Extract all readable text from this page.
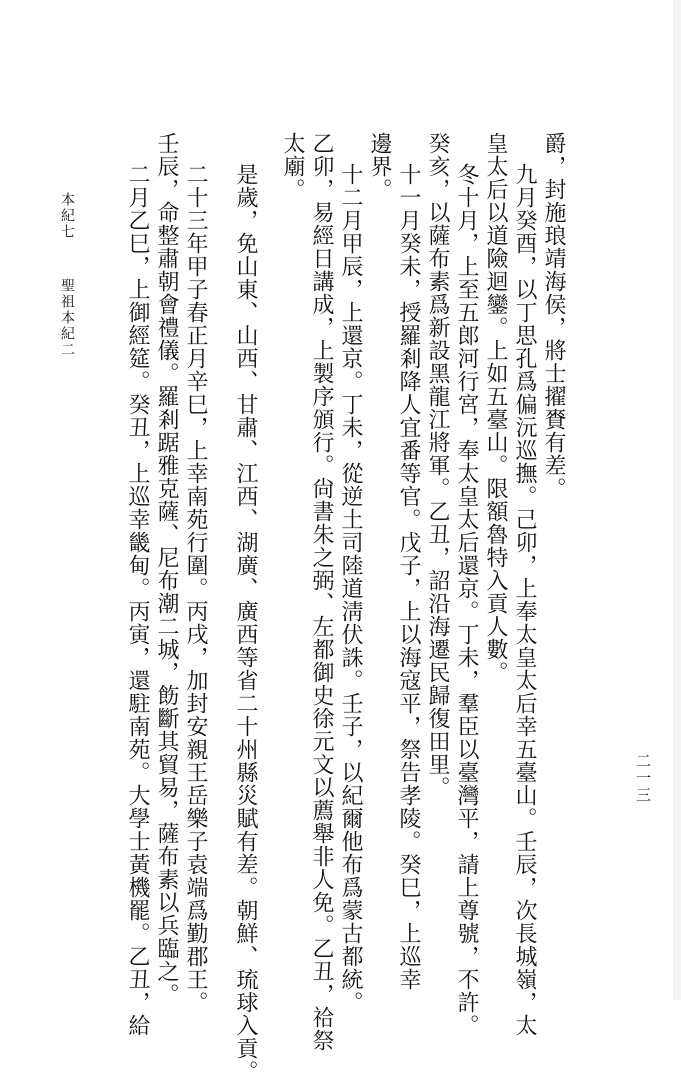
爵，封施琅靖海侯，將士擢賚有差。
九月癸酉，以丁思孔爲偏沅巡撫。己卯，上奉太皇太后幸五臺山。壬辰，次長城嶺，太
皇太后以道險迴鑾。上如五臺山。限額魯特入貢人數。
冬十月，上至五郎河行宮，奉太皇太后還京。丁未，羣臣以臺灣平，請上尊號，不許。
癸亥，以薩布素爲新設黑龍江將軍。乙丑，詔沿海遷民歸復田里。
十一月癸未，授羅剎降人宜番等官。戊子，上以海寇平，祭告孝陵。癸巳，上巡幸
邊界。
十二月甲辰，上還京。丁未，從逆土司陸道淸伏誅。壬子，以紀爾他布爲蒙古都統。
乙卯，易經日講成，上製序頒行。尙書朱之弼、左都御史徐元文以薦舉非人免。乙丑，祫祭
太廟。
是歲，免山東、山西、甘肅、江西、湖廣、廣西等省二十州縣災賦有差。朝鮮、琉球入貢。
二十三年甲子春正月辛巳，上幸南苑行圍。丙戌，加封安親王岳樂子袁端爲勤郡王。
壬辰，命整肅朝會禮儀。羅剎踞雅克薩、尼布潮二城，飭斷其貿易，薩布素以兵臨之。
二月乙巳，上御經筵。癸丑，上巡幸畿甸。丙寅，還駐南苑。大學士黃機罷。乙丑，給
本紀七
聖祖本紀二
二一三
